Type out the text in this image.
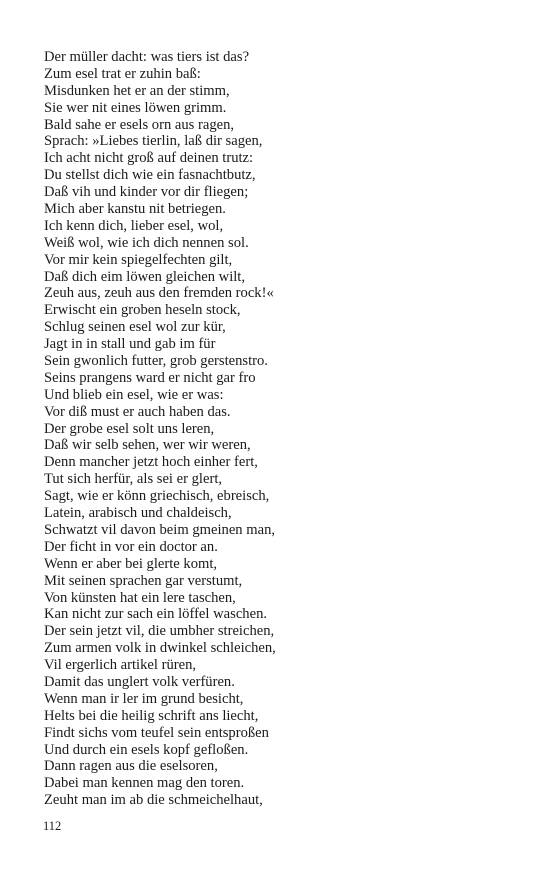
Der müller dacht: was tiers ist das?
Zum esel trat er zuhin baß:
Misdunken het er an der stimm,
Sie wer nit eines löwen grimm.
Bald sahe er esels orn aus ragen,
Sprach: »Liebes tierlin, laß dir sagen,
Ich acht nicht groß auf deinen trutz:
Du stellst dich wie ein fasnachtbutz,
Daß vih und kinder vor dir fliegen;
Mich aber kanstu nit betriegen.
Ich kenn dich, lieber esel, wol,
Weiß wol, wie ich dich nennen sol.
Vor mir kein spiegelfechten gilt,
Daß dich eim löwen gleichen wilt,
Zeuh aus, zeuh aus den fremden rock!«
Erwischt ein groben heseln stock,
Schlug seinen esel wol zur kür,
Jagt in in stall und gab im für
Sein gwonlich futter, grob gerstenstro.
Seins prangens ward er nicht gar fro
Und blieb ein esel, wie er was:
Vor diß must er auch haben das.
Der grobe esel solt uns leren,
Daß wir selb sehen, wer wir weren,
Denn mancher jetzt hoch einher fert,
Tut sich herfür, als sei er glert,
Sagt, wie er könn griechisch, ebreisch,
Latein, arabisch und chaldeisch,
Schwatzt vil davon beim gmeinen man,
Der ficht in vor ein doctor an.
Wenn er aber bei glerte komt,
Mit seinen sprachen gar verstumt,
Von künsten hat ein lere taschen,
Kan nicht zur sach ein löffel waschen.
Der sein jetzt vil, die umbher streichen,
Zum armen volk in dwinkel schleichen,
Vil ergerlich artikel rüren,
Damit das unglert volk verfüren.
Wenn man ir ler im grund besicht,
Helts bei die heilig schrift ans liecht,
Findt sichs vom teufel sein entsproßen
Und durch ein esels kopf gefloßen.
Dann ragen aus die eselsoren,
Dabei man kennen mag den toren.
Zeuht man im ab die schmeichelhaut,
112
